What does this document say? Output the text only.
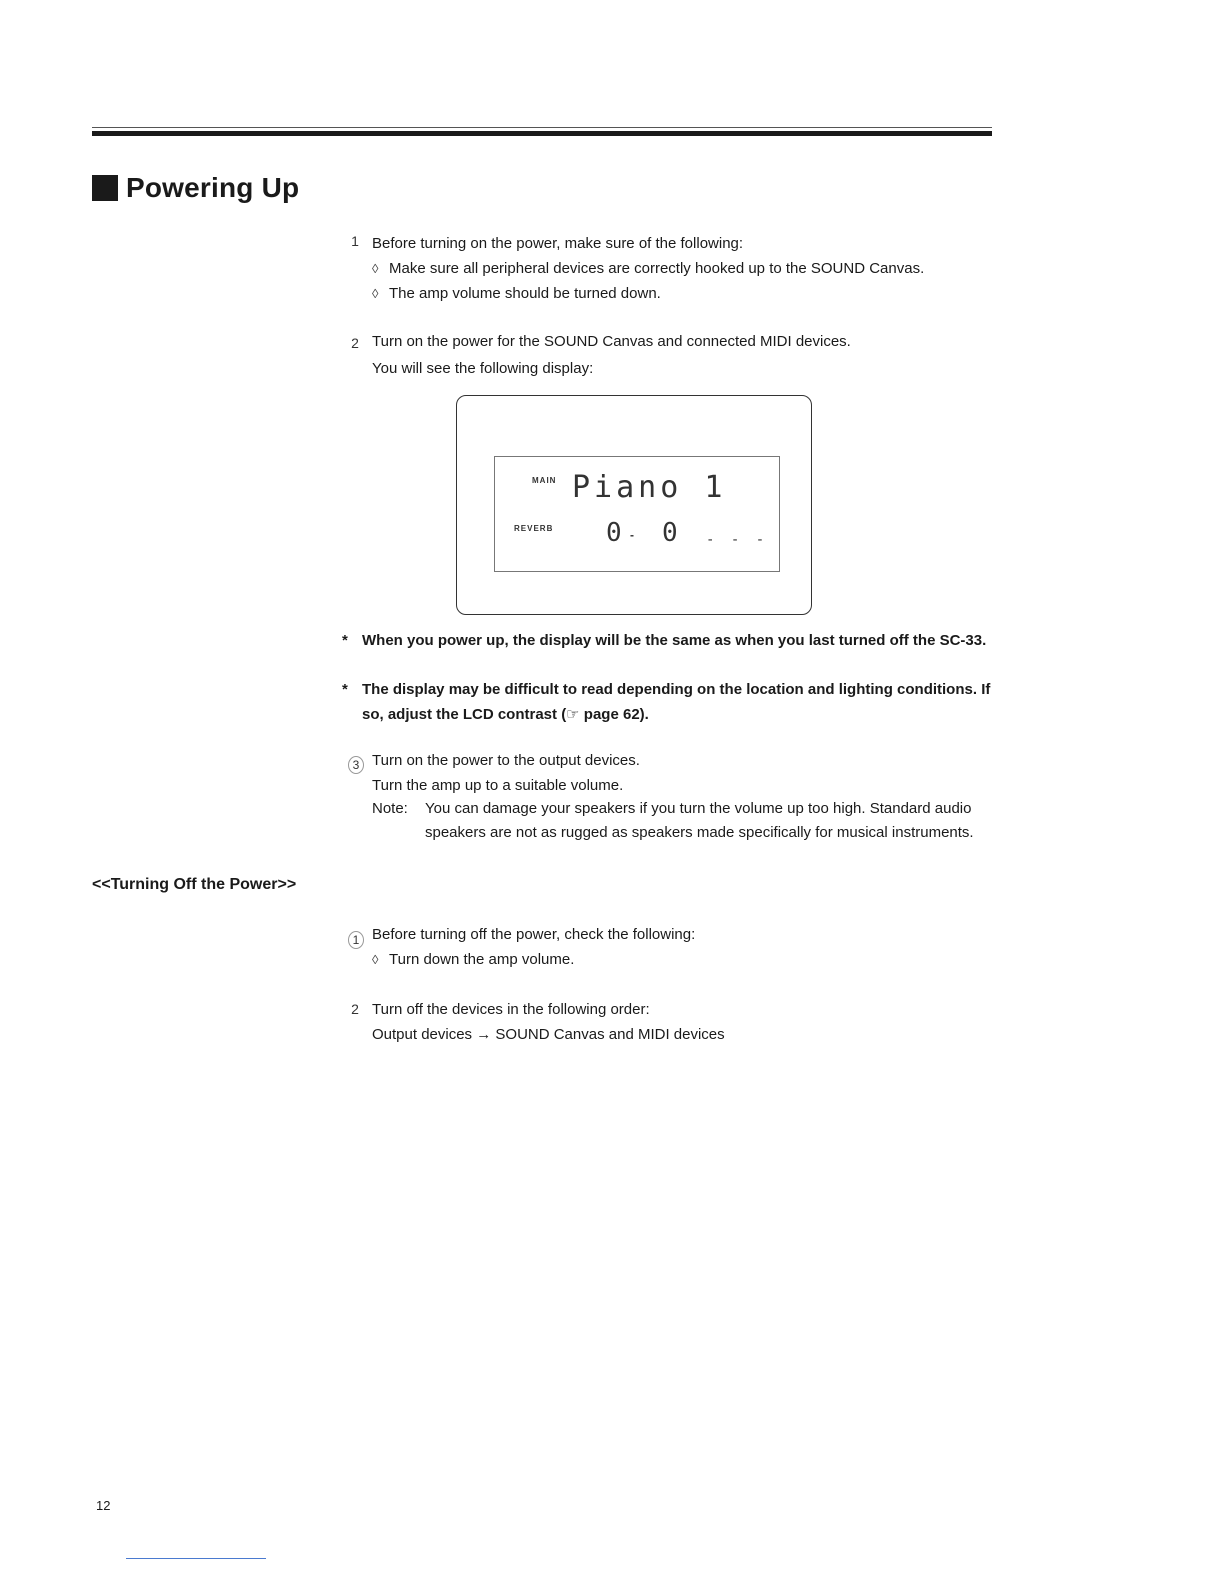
Powering Up
1 Before turning on the power, make sure of the following:
◊ Make sure all peripheral devices are correctly hooked up to the SOUND Canvas.
◊ The amp volume should be turned down.
2 Turn on the power for the SOUND Canvas and connected MIDI devices.
You will see the following display:
MAIN Piano 1
REVERB 0 0
-	- - -
* When you power up, the display will be the same as when you last turned off the SC-33.
* The display may be difficult to read depending on the location and lighting conditions. If so, adjust the LCD contrast (☞ page 62).
3 Turn on the power to the output devices.
Turn the amp up to a suitable volume.
Note: You can damage your speakers if you turn the volume up too high. Standard audio
speakers are not as rugged as speakers made specifically for musical instruments.
<<Turning Off the Power>>
1 Before turning off the power, check the following:
◊ Turn down the amp volume.
2 Turn off the devices in the following order:
Output devices → SOUND Canvas and MIDI devices
12
